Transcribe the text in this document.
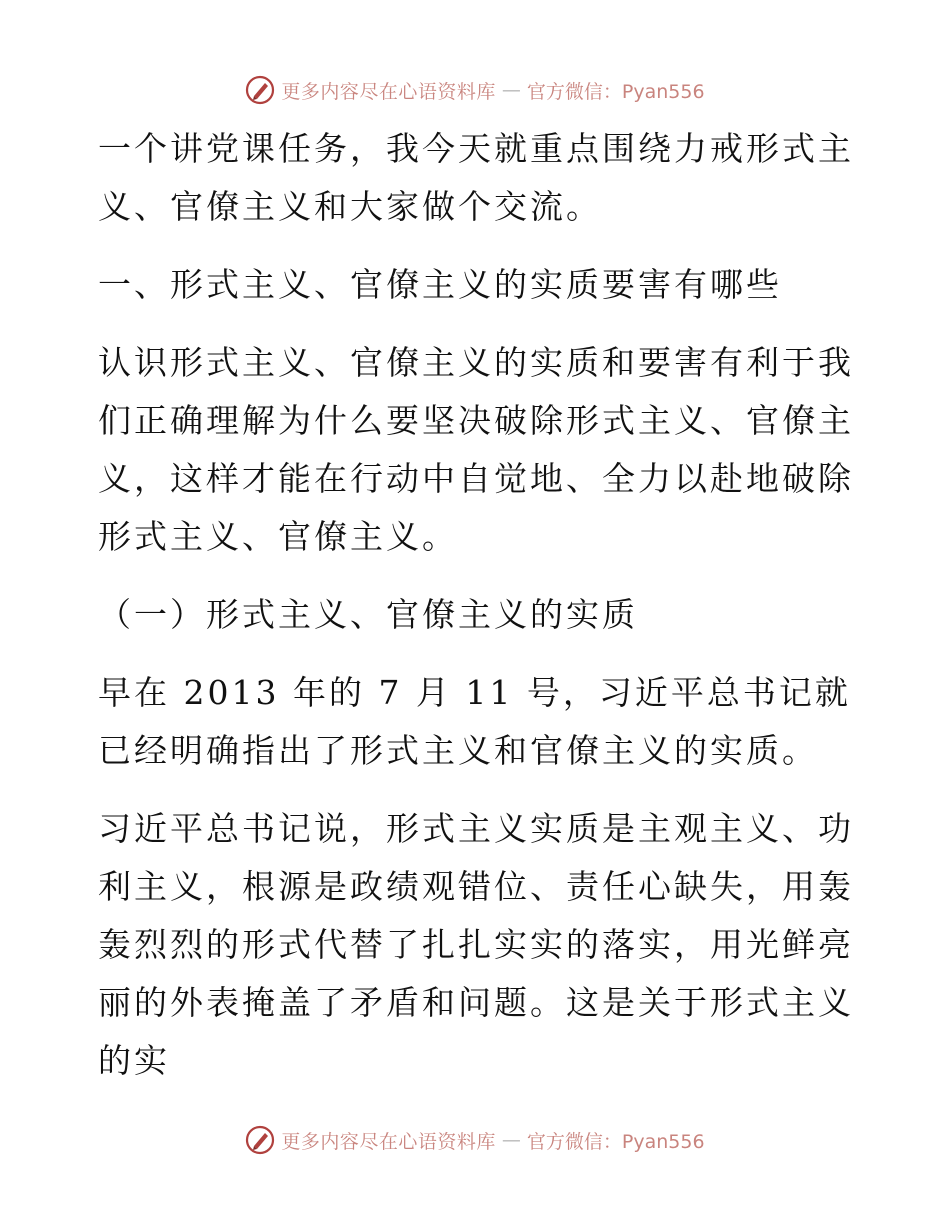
更多内容尽在心语资料库 — 官方微信：Pyan556

一个讲党课任务，我今天就重点围绕力戒形式主义、官僚主义和大家做个交流。

一、形式主义、官僚主义的实质要害有哪些

认识形式主义、官僚主义的实质和要害有利于我们正确理解为什么要坚决破除形式主义、官僚主义，这样才能在行动中自觉地、全力以赴地破除形式主义、官僚主义。

（一）形式主义、官僚主义的实质

早在 2013 年的 7 月 11 号，习近平总书记就已经明确指出了形式主义和官僚主义的实质。

习近平总书记说，形式主义实质是主观主义、功利主义，根源是政绩观错位、责任心缺失，用轰轰烈烈的形式代替了扎扎实实的落实，用光鲜亮丽的外表掩盖了矛盾和问题。这是关于形式主义的实

更多内容尽在心语资料库 — 官方微信：Pyan556
